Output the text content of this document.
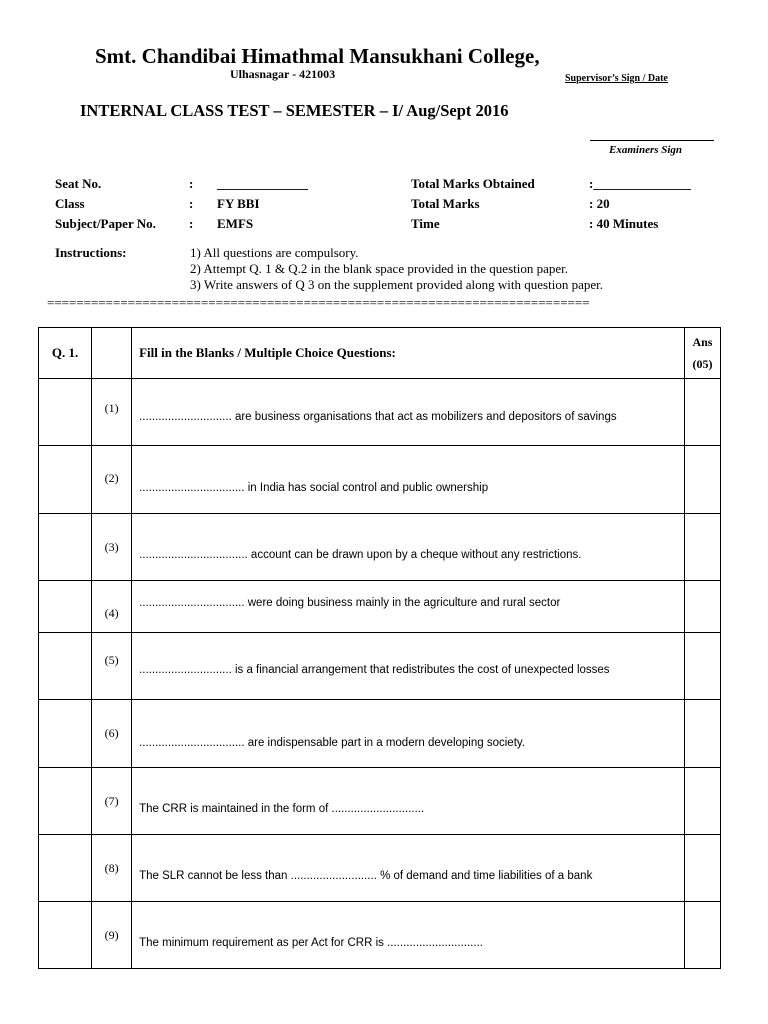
Smt. Chandibai Himathmal Mansukhani College,
Ulhasnagar - 421003	Supervisor’s Sign / Date
INTERNAL CLASS TEST – SEMESTER – I/ Aug/Sept 2016
Examiners Sign
Seat No.	: ______________	Total Marks Obtained	:_______________
Class	: FY BBI	Total Marks	: 20
Subject/Paper No.	: EMFS	Time	: 40 Minutes
Instructions:	1) All questions are compulsory.
2) Attempt Q. 1 & Q.2 in the blank space provided in the question paper.
3) Write answers of Q 3 on the supplement provided along with question paper.
==========================================================================
Q. 1.		Fill in the Blanks / Multiple Choice Questions:	Ans
(05)

	(1)	............................. are business organisations that act as mobilizers and depositors of savings	
	(2)	................................. in India has social control and public ownership	
	(3)	.................................. account can be drawn upon by a cheque without any restrictions.	
	(4)	................................. were doing business mainly in the agriculture and rural sector	
	(5)	............................. is a financial arrangement that redistributes the cost of unexpected losses	
	(6)	................................. are indispensable part in a modern developing society.	
	(7)	The CRR is maintained in the form of .............................	
	(8)	The SLR cannot be less than ........................... % of demand and time liabilities of a bank	
	(9)	The minimum requirement as per Act for CRR is ..............................	
